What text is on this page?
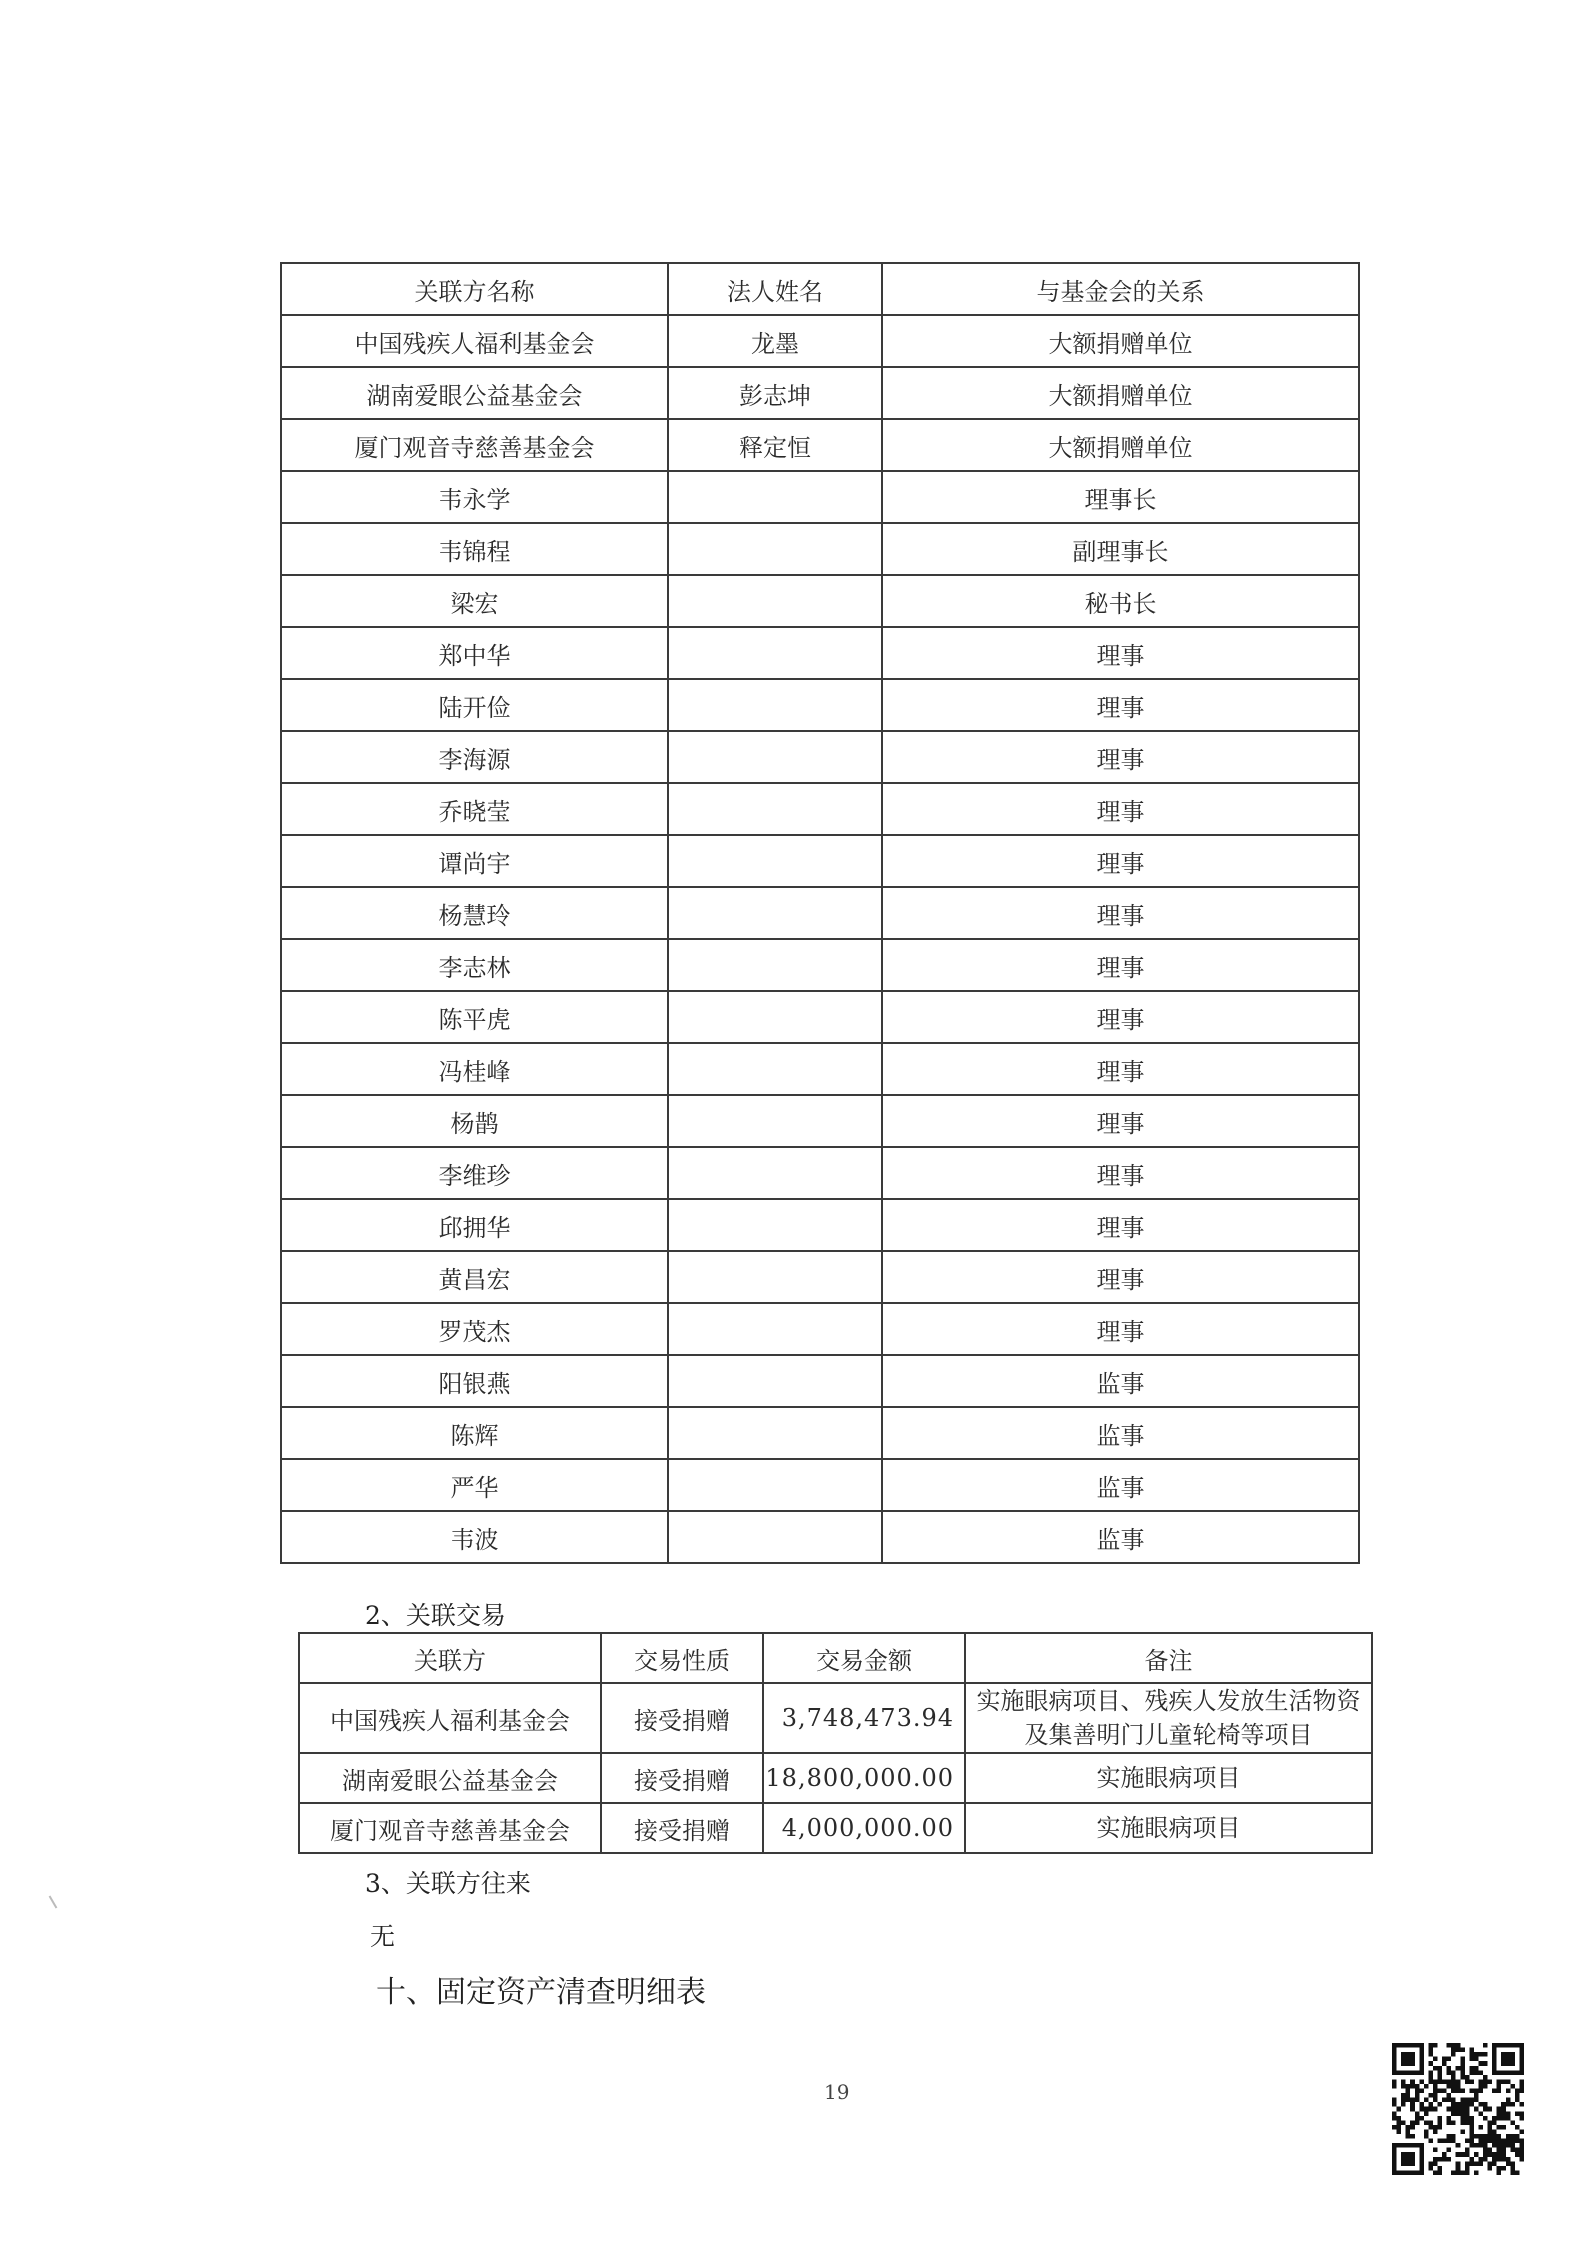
关联方名称	法人姓名	与基金会的关系
中国残疾人福利基金会	龙墨	大额捐赠单位
湖南爱眼公益基金会	彭志坤	大额捐赠单位
厦门观音寺慈善基金会	释定恒	大额捐赠单位
韦永学		理事长
韦锦程		副理事长
梁宏		秘书长
郑中华		理事
陆开俭		理事
李海源		理事
乔晓莹		理事
谭尚宇		理事
杨慧玲		理事
李志林		理事
陈平虎		理事
冯桂峰		理事
杨鹊		理事
李维珍		理事
邱拥华		理事
黄昌宏		理事
罗茂杰		理事
阳银燕		监事
陈辉		监事
严华		监事
韦波		监事
2、关联交易
关联方	交易性质	交易金额	备注
中国残疾人福利基金会	接受捐赠	3,748,473.94	实施眼病项目、残疾人发放生活物资及集善明门儿童轮椅等项目
湖南爱眼公益基金会	接受捐赠	18,800,000.00	实施眼病项目
厦门观音寺慈善基金会	接受捐赠	4,000,000.00	实施眼病项目
3、关联方往来
无
十、固定资产清查明细表
19
